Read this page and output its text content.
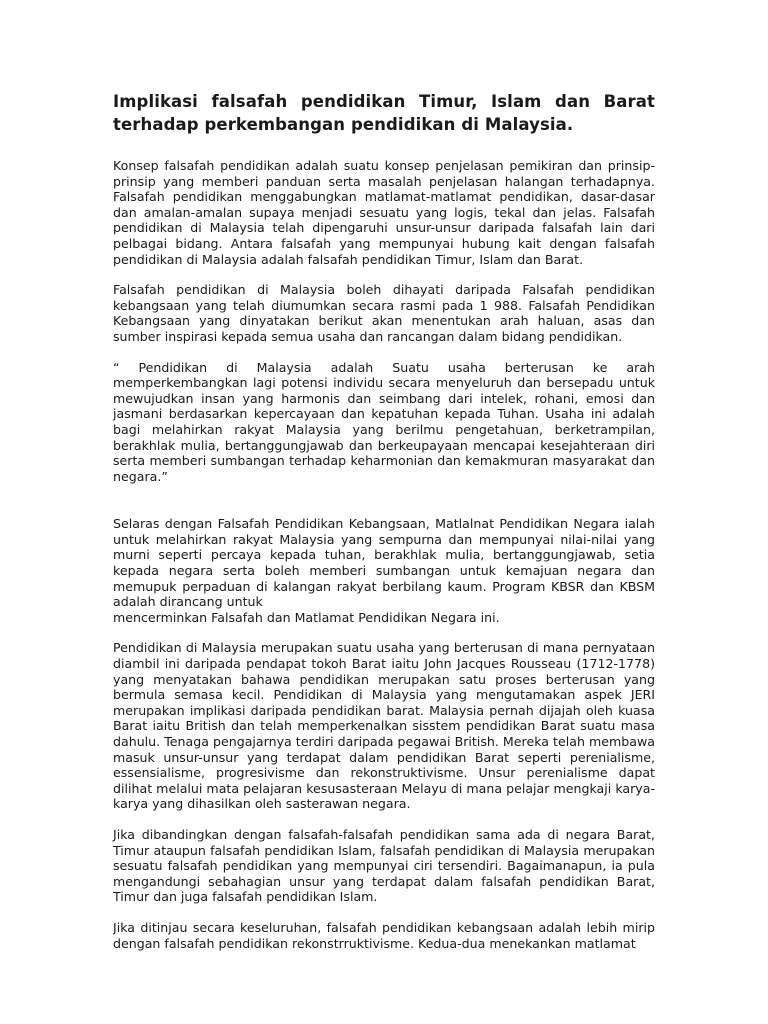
Implikasi falsafah pendidikan Timur, Islam dan Barat terhadap perkembangan pendidikan di Malaysia.

Konsep falsafah pendidikan adalah suatu konsep penjelasan pemikiran dan prinsip-prinsip yang memberi panduan serta masalah penjelasan halangan terhadapnya. Falsafah pendidikan menggabungkan matlamat-matlamat pendidikan, dasar-dasar dan amalan-amalan supaya menjadi sesuatu yang logis, tekal dan jelas. Falsafah pendidikan di Malaysia telah dipengaruhi unsur-unsur daripada falsafah lain dari pelbagai bidang. Antara falsafah yang mempunyai hubung kait dengan falsafah pendidikan di Malaysia adalah falsafah pendidikan Timur, Islam dan Barat.

Falsafah pendidikan di Malaysia boleh dihayati daripada Falsafah pendidikan kebangsaan yang telah diumumkan secara rasmi pada 1 988. Falsafah Pendidikan Kebangsaan yang dinyatakan berikut akan menentukan arah haluan, asas dan sumber inspirasi kepada semua usaha dan rancangan dalam bidang pendidikan.

“ Pendidikan di Malaysia adalah Suatu usaha berterusan ke arah memperkembangkan lagi potensi individu secara menyeluruh dan bersepadu untuk mewujudkan insan yang harmonis dan seimbang dari intelek, rohani, emosi dan jasmani berdasarkan kepercayaan dan kepatuhan kepada Tuhan. Usaha ini adalah bagi melahirkan rakyat Malaysia yang berilmu pengetahuan, berketrampilan, berakhlak mulia, bertanggungjawab dan berkeupayaan mencapai kesejahteraan diri serta memberi sumbangan terhadap keharmonian dan kemakmuran masyarakat dan negara.”

Selaras dengan Falsafah Pendidikan Kebangsaan, Matlalnat Pendidikan Negara ialah untuk melahirkan rakyat Malaysia yang sempurna dan mempunyai nilai-nilai yang murni seperti percaya kepada tuhan, berakhlak mulia, bertanggungjawab, setia kepada negara serta boleh memberi sumbangan untuk kemajuan negara dan memupuk perpaduan di kalangan rakyat berbilang kaum. Program KBSR dan KBSM adalah dirancang untuk

mencerminkan Falsafah dan Matlamat Pendidikan Negara ini.

Pendidikan di Malaysia merupakan suatu usaha yang berterusan di mana pernyataan diambil ini daripada pendapat tokoh Barat iaitu John Jacques Rousseau (1712-1778) yang menyatakan bahawa pendidikan merupakan satu proses berterusan yang bermula semasa kecil. Pendidikan di Malaysia yang mengutamakan aspek JERI merupakan implikasi daripada pendidikan barat. Malaysia pernah dijajah oleh kuasa Barat iaitu British dan telah memperkenalkan sisstem pendidikan Barat suatu masa dahulu. Tenaga pengajarnya terdiri daripada pegawai British. Mereka telah membawa masuk unsur-unsur yang terdapat dalam pendidikan Barat seperti perenialisme, essensialisme, progresivisme dan rekonstruktivisme. Unsur perenialisme dapat dilihat melalui mata pelajaran kesusasteraan Melayu di mana pelajar mengkaji karya-karya yang dihasilkan oleh sasterawan negara.

Jika dibandingkan dengan falsafah-falsafah pendidikan sama ada di negara Barat, Timur ataupun falsafah pendidikan Islam, falsafah pendidikan di Malaysia merupakan sesuatu falsafah pendidikan yang mempunyai ciri tersendiri. Bagaimanapun, ia pula mengandungi sebahagian unsur yang terdapat dalam falsafah pendidikan Barat, Timur dan juga falsafah pendidikan Islam.

Jika ditinjau secara keseluruhan, falsafah pendidikan kebangsaan adalah lebih mirip dengan falsafah pendidikan rekonstrruktivisme. Kedua-dua menekankan matlamat
